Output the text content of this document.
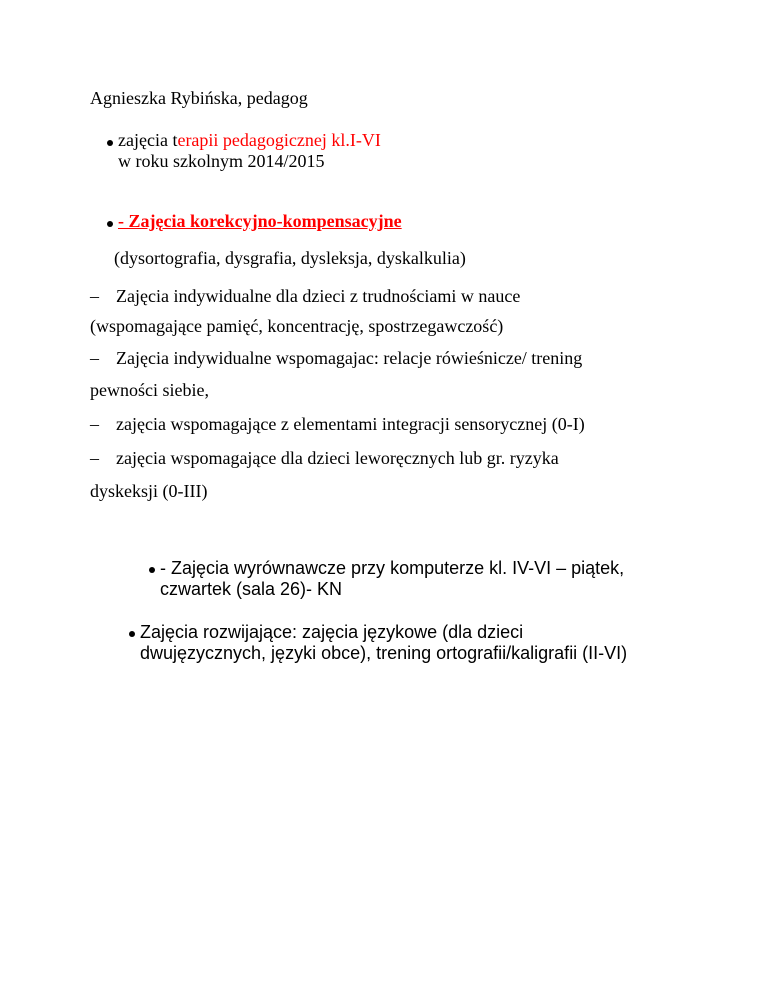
Agnieszka Rybińska, pedagog
zajęcia terapii pedagogicznej kl.I-VI
w roku szkolnym 2014/2015
- Zajęcia korekcyjno-kompensacyjne
(dysortografia, dysgrafia, dysleksja, dyskalkulia)
– Zajęcia indywidualne dla dzieci z trudnościami w nauce
(wspomagające pamięć, koncentrację, spostrzegawczość)
– Zajęcia indywidualne wspomagajac: relacje rówieśnicze/ trening
pewności siebie,
– zajęcia wspomagające z elementami integracji sensorycznej (0-I)
– zajęcia wspomagające dla dzieci leworęcznych lub gr. ryzyka
dyskeksji (0-III)
- Zajęcia wyrównawcze przy komputerze kl. IV-VI – piątek,
czwartek (sala 26)- KN
Zajęcia rozwijające: zajęcia językowe (dla dzieci
dwujęzycznych, języki obce), trening ortografii/kaligrafii (II-VI)
